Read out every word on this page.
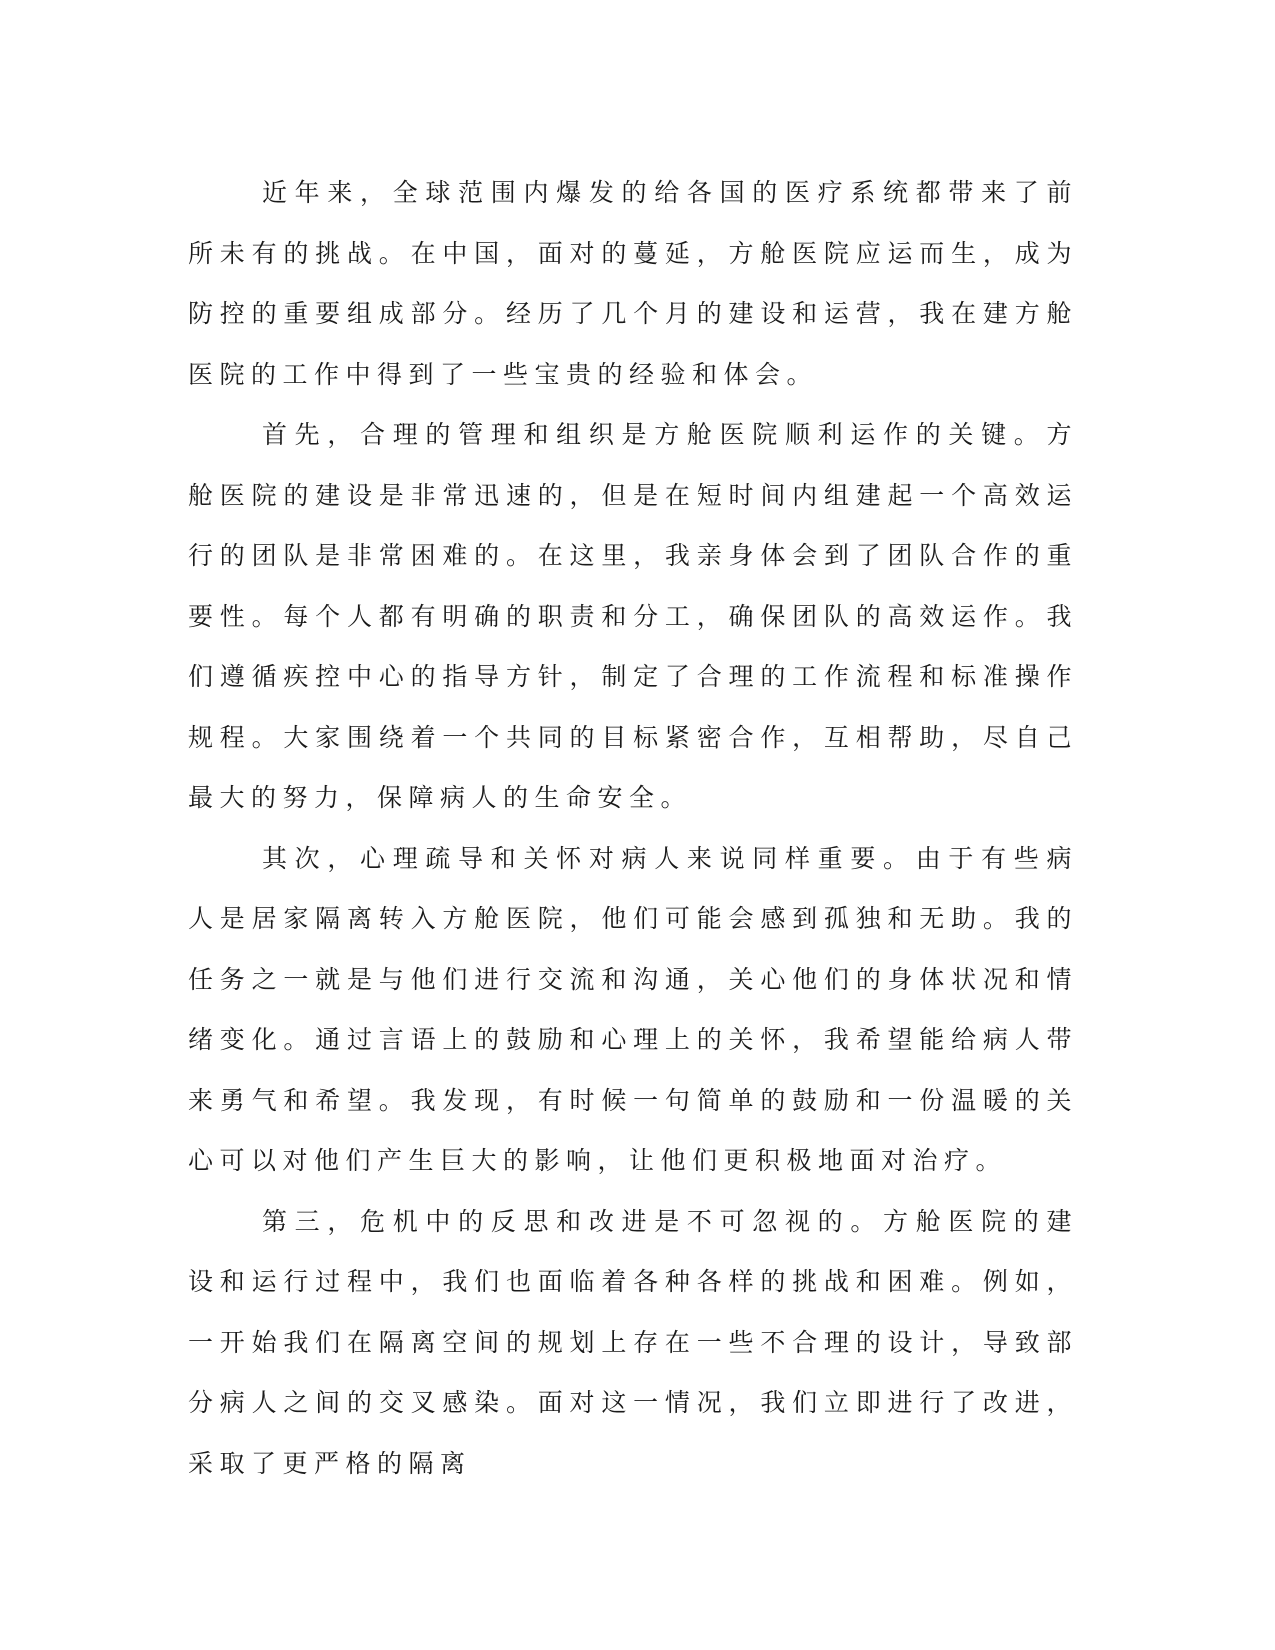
近年来，全球范围内爆发的给各国的医疗系统都带来了前所未有的挑战。在中国，面对的蔓延，方舱医院应运而生，成为防控的重要组成部分。经历了几个月的建设和运营，我在建方舱医院的工作中得到了一些宝贵的经验和体会。

首先，合理的管理和组织是方舱医院顺利运作的关键。方舱医院的建设是非常迅速的，但是在短时间内组建起一个高效运行的团队是非常困难的。在这里，我亲身体会到了团队合作的重要性。每个人都有明确的职责和分工，确保团队的高效运作。我们遵循疾控中心的指导方针，制定了合理的工作流程和标准操作规程。大家围绕着一个共同的目标紧密合作，互相帮助，尽自己最大的努力，保障病人的生命安全。

其次，心理疏导和关怀对病人来说同样重要。由于有些病人是居家隔离转入方舱医院，他们可能会感到孤独和无助。我的任务之一就是与他们进行交流和沟通，关心他们的身体状况和情绪变化。通过言语上的鼓励和心理上的关怀，我希望能给病人带来勇气和希望。我发现，有时候一句简单的鼓励和一份温暖的关心可以对他们产生巨大的影响，让他们更积极地面对治疗。

第三，危机中的反思和改进是不可忽视的。方舱医院的建设和运行过程中，我们也面临着各种各样的挑战和困难。例如，一开始我们在隔离空间的规划上存在一些不合理的设计，导致部分病人之间的交叉感染。面对这一情况，我们立即进行了改进，采取了更严格的隔离
